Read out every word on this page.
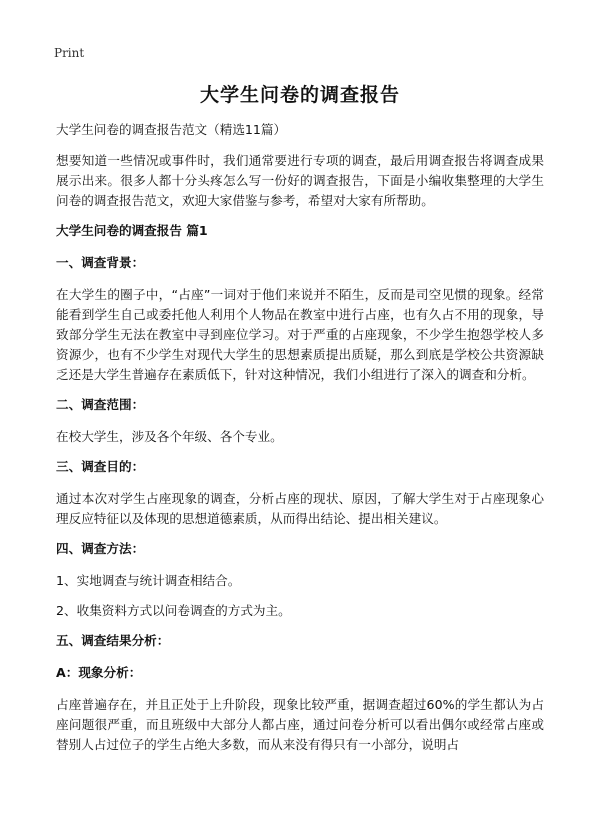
Print
大学生问卷的调查报告

大学生问卷的调查报告范文（精选11篇）

想要知道一些情况或事件时，我们通常要进行专项的调查，最后用调查报告将调查成果展示出来。很多人都十分头疼怎么写一份好的调查报告，下面是小编收集整理的大学生问卷的调查报告范文，欢迎大家借鉴与参考，希望对大家有所帮助。

大学生问卷的调查报告 篇1

一、调查背景：

在大学生的圈子中，“占座”一词对于他们来说并不陌生，反而是司空见惯的现象。经常能看到学生自己或委托他人利用个人物品在教室中进行占座，也有久占不用的现象，导致部分学生无法在教室中寻到座位学习。对于严重的占座现象，不少学生抱怨学校人多资源少，也有不少学生对现代大学生的思想素质提出质疑，那么到底是学校公共资源缺乏还是大学生普遍存在素质低下，针对这种情况，我们小组进行了深入的调查和分析。

二、调查范围：

在校大学生，涉及各个年级、各个专业。

三、调查目的：

通过本次对学生占座现象的调查，分析占座的现状、原因，了解大学生对于占座现象心理反应特征以及体现的思想道德素质，从而得出结论、提出相关建议。

四、调查方法：

1、实地调查与统计调查相结合。

2、收集资料方式以问卷调查的方式为主。

五、调查结果分析：

A：现象分析：

占座普遍存在，并且正处于上升阶段，现象比较严重，据调查超过60%的学生都认为占座问题很严重，而且班级中大部分人都占座，通过问卷分析可以看出偶尔或经常占座或替别人占过位子的学生占绝大多数，而从来没有得只有一小部分，说明占
